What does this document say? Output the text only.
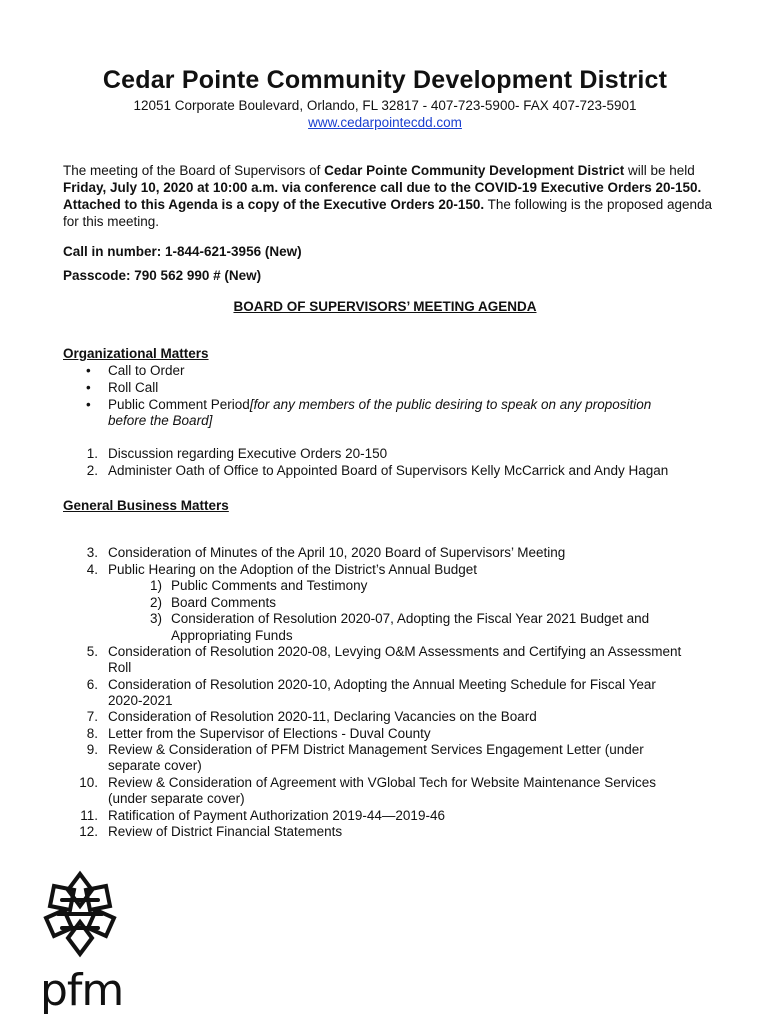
Cedar Pointe Community Development District
12051 Corporate Boulevard, Orlando, FL 32817 - 407-723-5900- FAX 407-723-5901
www.cedarpointecdd.com
The meeting of the Board of Supervisors of Cedar Pointe Community Development District will be held Friday, July 10, 2020 at 10:00 a.m. via conference call due to the COVID-19 Executive Orders 20-150. Attached to this Agenda is a copy of the Executive Orders 20-150. The following is the proposed agenda for this meeting.
Call in number: 1-844-621-3956 (New)
Passcode: 790 562 990 # (New)
BOARD OF SUPERVISORS’ MEETING AGENDA
Organizational Matters
• Call to Order
• Roll Call
• Public Comment Period[for any members of the public desiring to speak on any proposition
before the Board]
1. Discussion regarding Executive Orders 20-150
2. Administer Oath of Office to Appointed Board of Supervisors Kelly McCarrick and Andy Hagan
General Business Matters
3. Consideration of Minutes of the April 10, 2020 Board of Supervisors’ Meeting
4. Public Hearing on the Adoption of the District’s Annual Budget
1) Public Comments and Testimony
2) Board Comments
3) Consideration of Resolution 2020-07, Adopting the Fiscal Year 2021 Budget and
Appropriating Funds
5. Consideration of Resolution 2020-08, Levying O&M Assessments and Certifying an Assessment
Roll
6. Consideration of Resolution 2020-10, Adopting the Annual Meeting Schedule for Fiscal Year
2020-2021
7. Consideration of Resolution 2020-11, Declaring Vacancies on the Board
8. Letter from the Supervisor of Elections - Duval County
9. Review & Consideration of PFM District Management Services Engagement Letter (under
separate cover)
10. Review & Consideration of Agreement with VGlobal Tech for Website Maintenance Services
(under separate cover)
11. Ratification of Payment Authorization 2019-44—2019-46
12. Review of District Financial Statements
pfm
